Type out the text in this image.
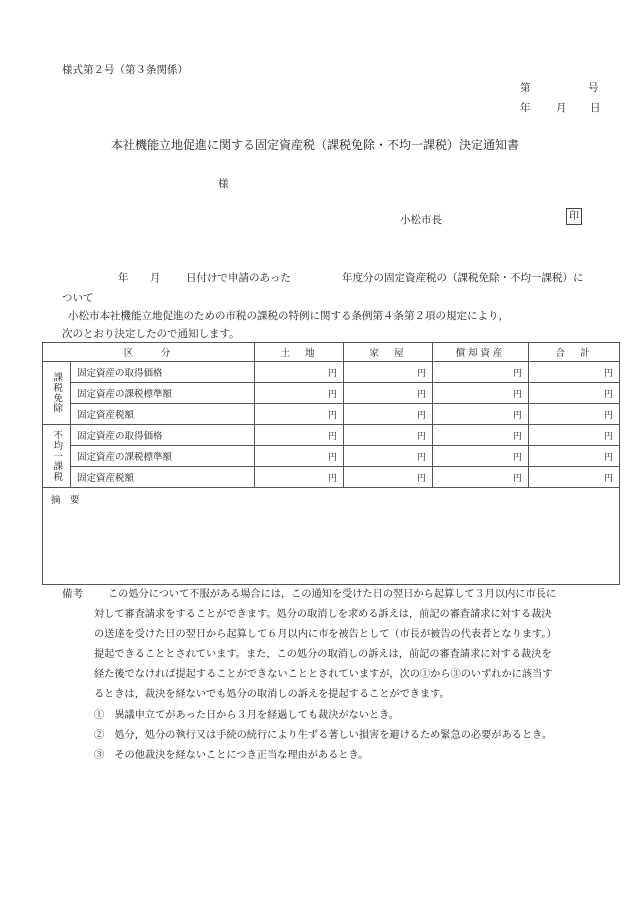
様式第２号（第３条関係）
第	号
年 月 日
本社機能立地促進に関する固定資産税（課税免除・不均一課税）決定通知書
様
小松市長	印
年 月 日付けで申請のあった	年度分の固定資産税の（課税免除・不均一課税）に
ついて
小松市本社機能立地促進のための市税の課税の特例に関する条例第４条第２項の規定により，
次のとおり決定したので通知します。
区　　分		土　地	家　屋	償却資産	合　計
課税免除	固定資産の取得価格	円	円	円	円
	固定資産の課税標準額	円	円	円	円
	固定資産税額	円	円	円	円
不均一課税	固定資産の取得価格	円	円	円	円
	固定資産の課税標準額	円	円	円	円
	固定資産税額	円	円	円	円
摘　要					
備考 この処分について不服がある場合には，この通知を受けた日の翌日から起算して３月以内に市長に
対して審査請求をすることができます。処分の取消しを求める訴えは，前記の審査請求に対する裁決
の送達を受けた日の翌日から起算して６月以内に市を被告として（市長が被告の代表者となります。）
提起できることとされています。また，この処分の取消しの訴えは，前記の審査請求に対する裁決を
経た後でなければ提起することができないこととされていますが，次の①から③のいずれかに該当す
るときは，裁決を経ないでも処分の取消しの訴えを提起することができます。
①　異議申立てがあった日から３月を経過しても裁決がないとき。
②　処分，処分の執行又は手続の続行により生ずる著しい損害を避けるため緊急の必要があるとき。
③　その他裁決を経ないことにつき正当な理由があるとき。
